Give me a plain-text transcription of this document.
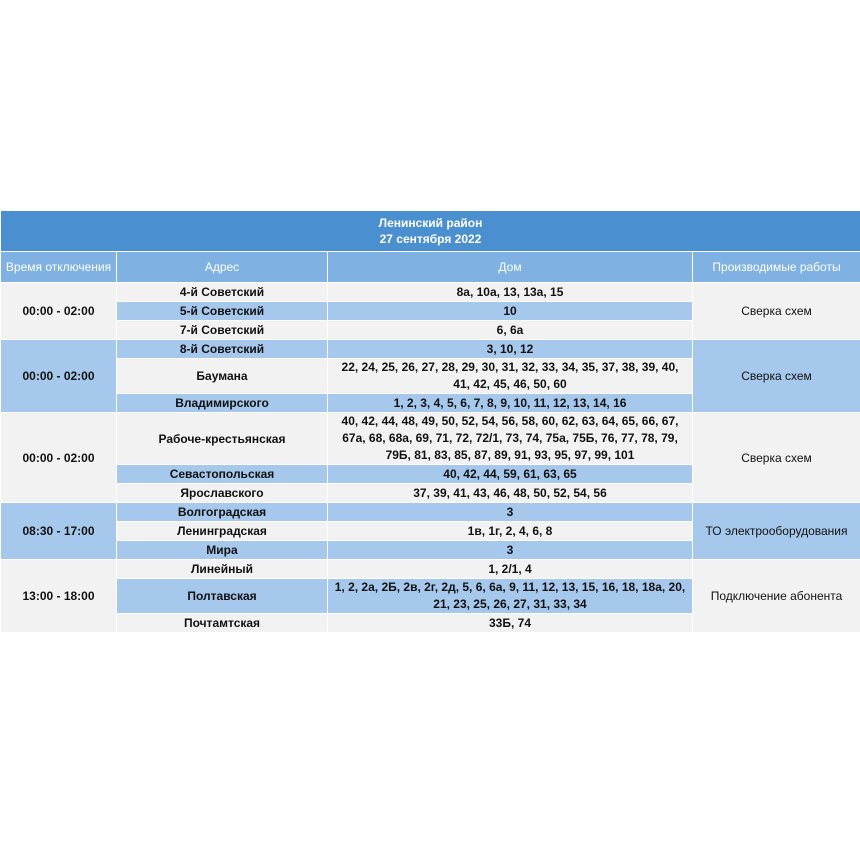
Ленинский район
27 сентября 2022			

Время отключения	Адрес	Дом	Производимые работы
00:00 - 02:00	4-й Советский	8а, 10а, 13, 13а, 15	Сверка схем
	5-й Советский	10	
	7-й Советский	6, 6а	
00:00 - 02:00	8-й Советский	3, 10, 12	Сверка схем
	Баумана	22, 24, 25, 26, 27, 28, 29, 30, 31, 32, 33, 34, 35, 37, 38, 39, 40, 41, 42, 45, 46, 50, 60	
	Владимирского	1, 2, 3, 4, 5, 6, 7, 8, 9, 10, 11, 12, 13, 14, 16	
00:00 - 02:00	Рабоче-крестьянская	40, 42, 44, 48, 49, 50, 52, 54, 56, 58, 60, 62, 63, 64, 65, 66, 67, 67а, 68, 68а, 69, 71, 72, 72/1, 73, 74, 75а, 75Б, 76, 77, 78, 79, 79Б, 81, 83, 85, 87, 89, 91, 93, 95, 97, 99, 101	Сверка схем
	Севастопольская	40, 42, 44, 59, 61, 63, 65	
	Ярославского	37, 39, 41, 43, 46, 48, 50, 52, 54, 56	
08:30 - 17:00	Волгоградская	3	ТО электрооборудования
	Ленинградская	1в, 1г, 2, 4, 6, 8	
	Мира	3	
13:00 - 18:00	Линейный	1, 2/1, 4	Подключение абонента
	Полтавская	1, 2, 2а, 2Б, 2в, 2г, 2д, 5, 6, 6а, 9, 11, 12, 13, 15, 16, 18, 18а, 20, 21, 23, 25, 26, 27, 31, 33, 34	
	Почтамтская	33Б, 74	
